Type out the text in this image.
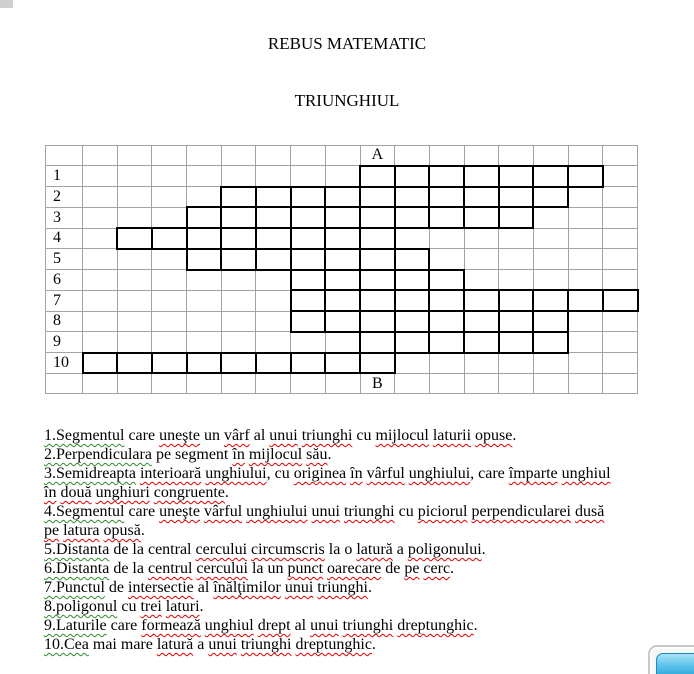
REBUS MATEMATIC
TRIUNGHIUL
									A							
1																
2																
3																
4																
5																
6																
7																
8																
9																
10																
									B							

1.Segmentul care uneşte un vârf al unui triunghi cu mijlocul laturii opuse.

2.Perpendiculara pe segment în mijlocul său.

3.Semidreapta interioară unghiului, cu originea în vârful unghiului, care împarte unghiul
în două unghiuri congruente.

4.Segmentul care uneşte vârful unghiului unui triunghi cu piciorul perpendicularei dusă
pe latura opusă.

5.Distanta de la central cercului circumscris la o latură a poligonului.

6.Distanta de la centrul cercului la un punct oarecare de pe cerc.

7.Punctul de intersectie al înălţimilor unui triunghi.

8.poligonul cu trei laturi.

9.Laturile care formează unghiul drept al unui triunghi dreptunghic.

10.Cea mai mare latură a unui triunghi dreptunghic.
